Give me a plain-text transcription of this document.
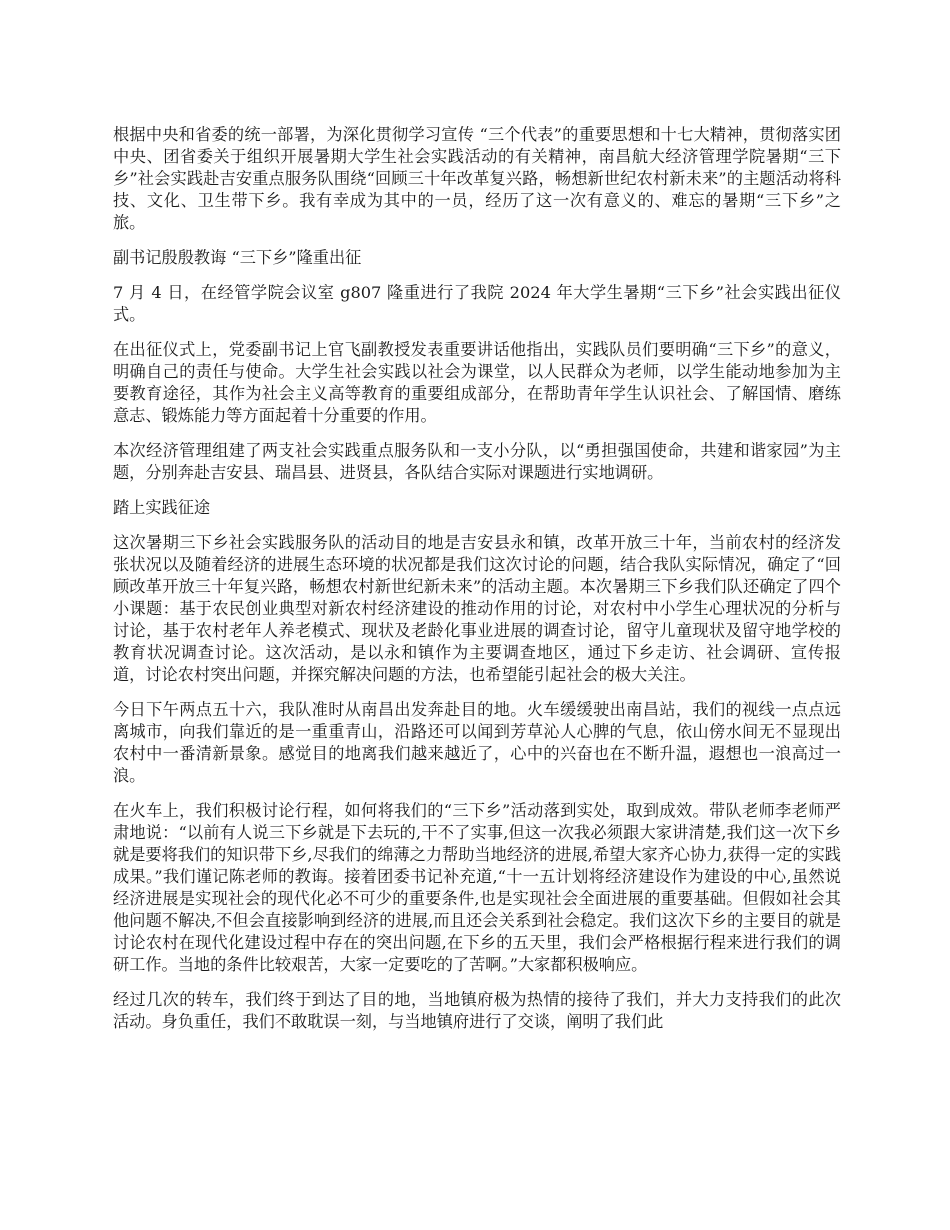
根据中央和省委的统一部署，为深化贯彻学习宣传 “三个代表”的重要思想和十七大精神，贯彻落实团中央、团省委关于组织开展暑期大学生社会实践活动的有关精神，南昌航大经济管理学院暑期“三下乡”社会实践赴吉安重点服务队围绕“回顾三十年改革复兴路，畅想新世纪农村新未来”的主题活动将科技、文化、卫生带下乡。我有幸成为其中的一员，经历了这一次有意义的、难忘的暑期“三下乡”之旅。

副书记殷殷教诲 “三下乡”隆重出征

7 月 4 日，在经管学院会议室 g807 隆重进行了我院 2024 年大学生暑期“三下乡”社会实践出征仪式。

在出征仪式上，党委副书记上官飞副教授发表重要讲话他指出，实践队员们要明确“三下乡”的意义，明确自己的责任与使命。大学生社会实践以社会为课堂，以人民群众为老师，以学生能动地参加为主要教育途径，其作为社会主义高等教育的重要组成部分，在帮助青年学生认识社会、了解国情、磨练意志、锻炼能力等方面起着十分重要的作用。

本次经济管理组建了两支社会实践重点服务队和一支小分队，以“勇担强国使命，共建和谐家园”为主题，分别奔赴吉安县、瑞昌县、进贤县，各队结合实际对课题进行实地调研。

踏上实践征途

这次暑期三下乡社会实践服务队的活动目的地是吉安县永和镇，改革开放三十年，当前农村的经济发张状况以及随着经济的进展生态环境的状况都是我们这次讨论的问题，结合我队实际情况，确定了“回顾改革开放三十年复兴路，畅想农村新世纪新未来”的活动主题。本次暑期三下乡我们队还确定了四个小课题：基于农民创业典型对新农村经济建设的推动作用的讨论，对农村中小学生心理状况的分析与讨论，基于农村老年人养老模式、现状及老龄化事业进展的调查讨论，留守儿童现状及留守地学校的教育状况调查讨论。这次活动，是以永和镇作为主要调查地区，通过下乡走访、社会调研、宣传报道，讨论农村突出问题，并探究解决问题的方法，也希望能引起社会的极大关注。

今日下午两点五十六，我队准时从南昌出发奔赴目的地。火车缓缓驶出南昌站，我们的视线一点点远离城市，向我们靠近的是一重重青山，沿路还可以闻到芳草沁人心脾的气息，依山傍水间无不显现出农村中一番清新景象。感觉目的地离我们越来越近了，心中的兴奋也在不断升温，遐想也一浪高过一浪。

在火车上，我们积极讨论行程，如何将我们的“三下乡”活动落到实处，取到成效。带队老师李老师严肃地说：“以前有人说三下乡就是下去玩的,干不了实事,但这一次我必须跟大家讲清楚,我们这一次下乡就是要将我们的知识带下乡,尽我们的绵薄之力帮助当地经济的进展,希望大家齐心协力,获得一定的实践成果。”我们谨记陈老师的教诲。接着团委书记补充道,“十一五计划将经济建设作为建设的中心,虽然说经济进展是实现社会的现代化必不可少的重要条件,也是实现社会全面进展的重要基础。但假如社会其他问题不解决,不但会直接影响到经济的进展,而且还会关系到社会稳定。我们这次下乡的主要目的就是讨论农村在现代化建设过程中存在的突出问题,在下乡的五天里，我们会严格根据行程来进行我们的调研工作。当地的条件比较艰苦，大家一定要吃的了苦啊。”大家都积极响应。

经过几次的转车，我们终于到达了目的地，当地镇府极为热情的接待了我们，并大力支持我们的此次活动。身负重任，我们不敢耽误一刻，与当地镇府进行了交谈，阐明了我们此
